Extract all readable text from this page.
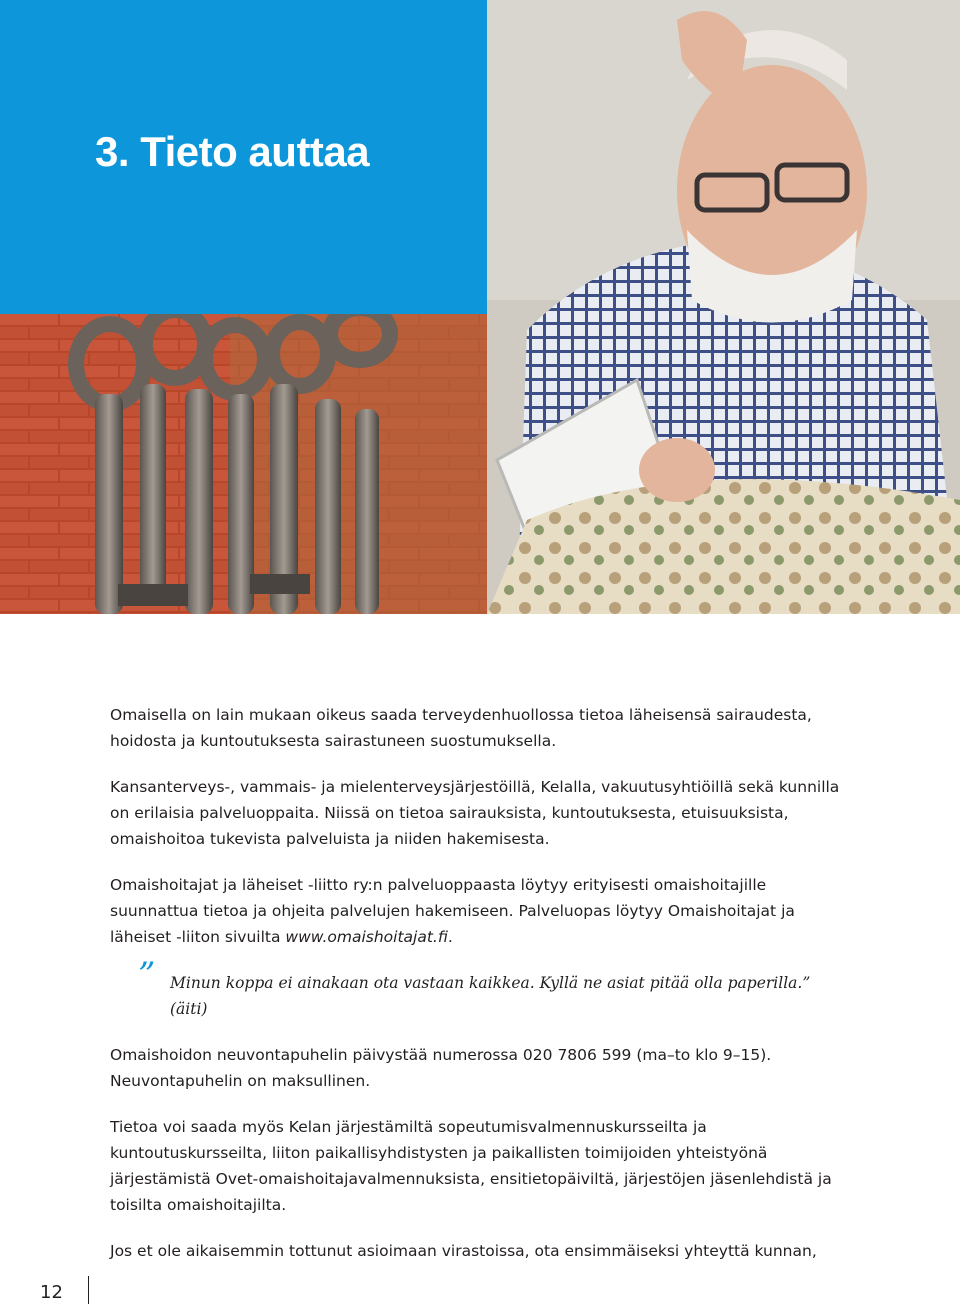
3. Tieto auttaa

Omaisella on lain mukaan oikeus saada terveydenhuollossa tietoa läheisensä sairaudesta, hoidosta ja kuntoutuksesta sairastuneen suostumuksella.

Kansanterveys-, vammais- ja mielenterveysjärjestöillä, Kelalla, vakuutusyhtiöillä sekä kunnilla on erilaisia palveluoppaita. Niissä on tietoa sairauksista, kuntoutuksesta, etuisuuksista, omaishoitoa tukevista palveluista ja niiden hakemisesta.

Omaishoitajat ja läheiset -liitto ry:n palveluoppaasta löytyy erityisesti omaishoitajille suunnattua tietoa ja ohjeita palvelujen hakemiseen. Palveluopas löytyy Omaishoitajat ja läheiset -liiton sivuilta www.omaishoitajat.fi.

” Minun koppa ei ainakaan ota vastaan kaikkea. Kyllä ne asiat pitää olla paperilla.” (äiti)

Omaishoidon neuvontapuhelin päivystää numerossa 020 7806 599 (ma–to klo 9–15). Neuvontapuhelin on maksullinen.

Tietoa voi saada myös Kelan järjestämiltä sopeutumisvalmennuskursseilta ja kuntoutuskursseilta, liiton paikallisyhdistysten ja paikallisten toimijoiden yhteistyönä järjestämistä Ovet-omaishoitajavalmennuksista, ensitietopäiviltä, järjestöjen jäsenlehdistä ja toisilta omaishoitajilta.

Jos et ole aikaisemmin tottunut asioimaan virastoissa, ota ensimmäiseksi yhteyttä kunnan,

12
